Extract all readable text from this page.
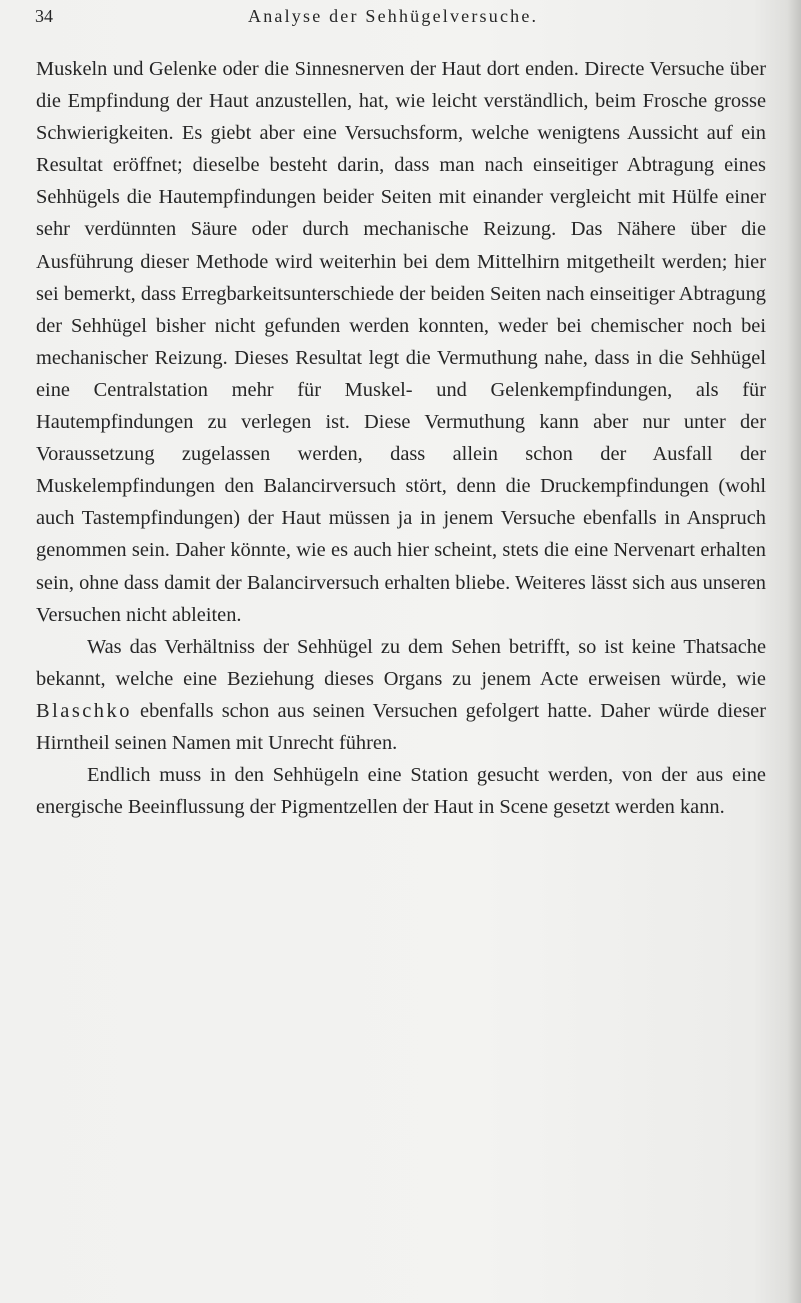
34	Analyse der Sehhügelversuche.

Muskeln und Gelenke oder die Sinnesnerven der Haut dort enden. Directe Versuche über die Empfindung der Haut anzustellen, hat, wie leicht verständlich, beim Frosche grosse Schwierigkeiten. Es giebt aber eine Versuchsform, welche wenigtens Aussicht auf ein Resultat eröffnet; dieselbe besteht darin, dass man nach einseitiger Abtragung eines Sehhügels die Hautempfindungen beider Seiten mit einander vergleicht mit Hülfe einer sehr verdünnten Säure oder durch mechanische Reizung. Das Nähere über die Ausführung dieser Methode wird weiterhin bei dem Mittelhirn mitgetheilt werden; hier sei bemerkt, dass Erregbarkeitsunterschiede der beiden Seiten nach einseitiger Abtragung der Sehhügel bisher nicht gefunden werden konnten, weder bei chemischer noch bei mechanischer Reizung. Dieses Resultat legt die Vermuthung nahe, dass in die Sehhügel eine Centralstation mehr für Muskel- und Gelenkempfindungen, als für Hautempfindungen zu verlegen ist. Diese Vermuthung kann aber nur unter der Voraussetzung zugelassen werden, dass allein schon der Ausfall der Muskelempfindungen den Balancirversuch stört, denn die Druckempfindungen (wohl auch Tastempfindungen) der Haut müssen ja in jenem Versuche ebenfalls in Anspruch genommen sein. Daher könnte, wie es auch hier scheint, stets die eine Nervenart erhalten sein, ohne dass damit der Balancirversuch erhalten bliebe. Weiteres lässt sich aus unseren Versuchen nicht ableiten.

Was das Verhältniss der Sehhügel zu dem Sehen betrifft, so ist keine Thatsache bekannt, welche eine Beziehung dieses Organs zu jenem Acte erweisen würde, wie Blaschko ebenfalls schon aus seinen Versuchen gefolgert hatte. Daher würde dieser Hirntheil seinen Namen mit Unrecht führen.

Endlich muss in den Sehhügeln eine Station gesucht werden, von der aus eine energische Beeinflussung der Pigmentzellen der Haut in Scene gesetzt werden kann.
